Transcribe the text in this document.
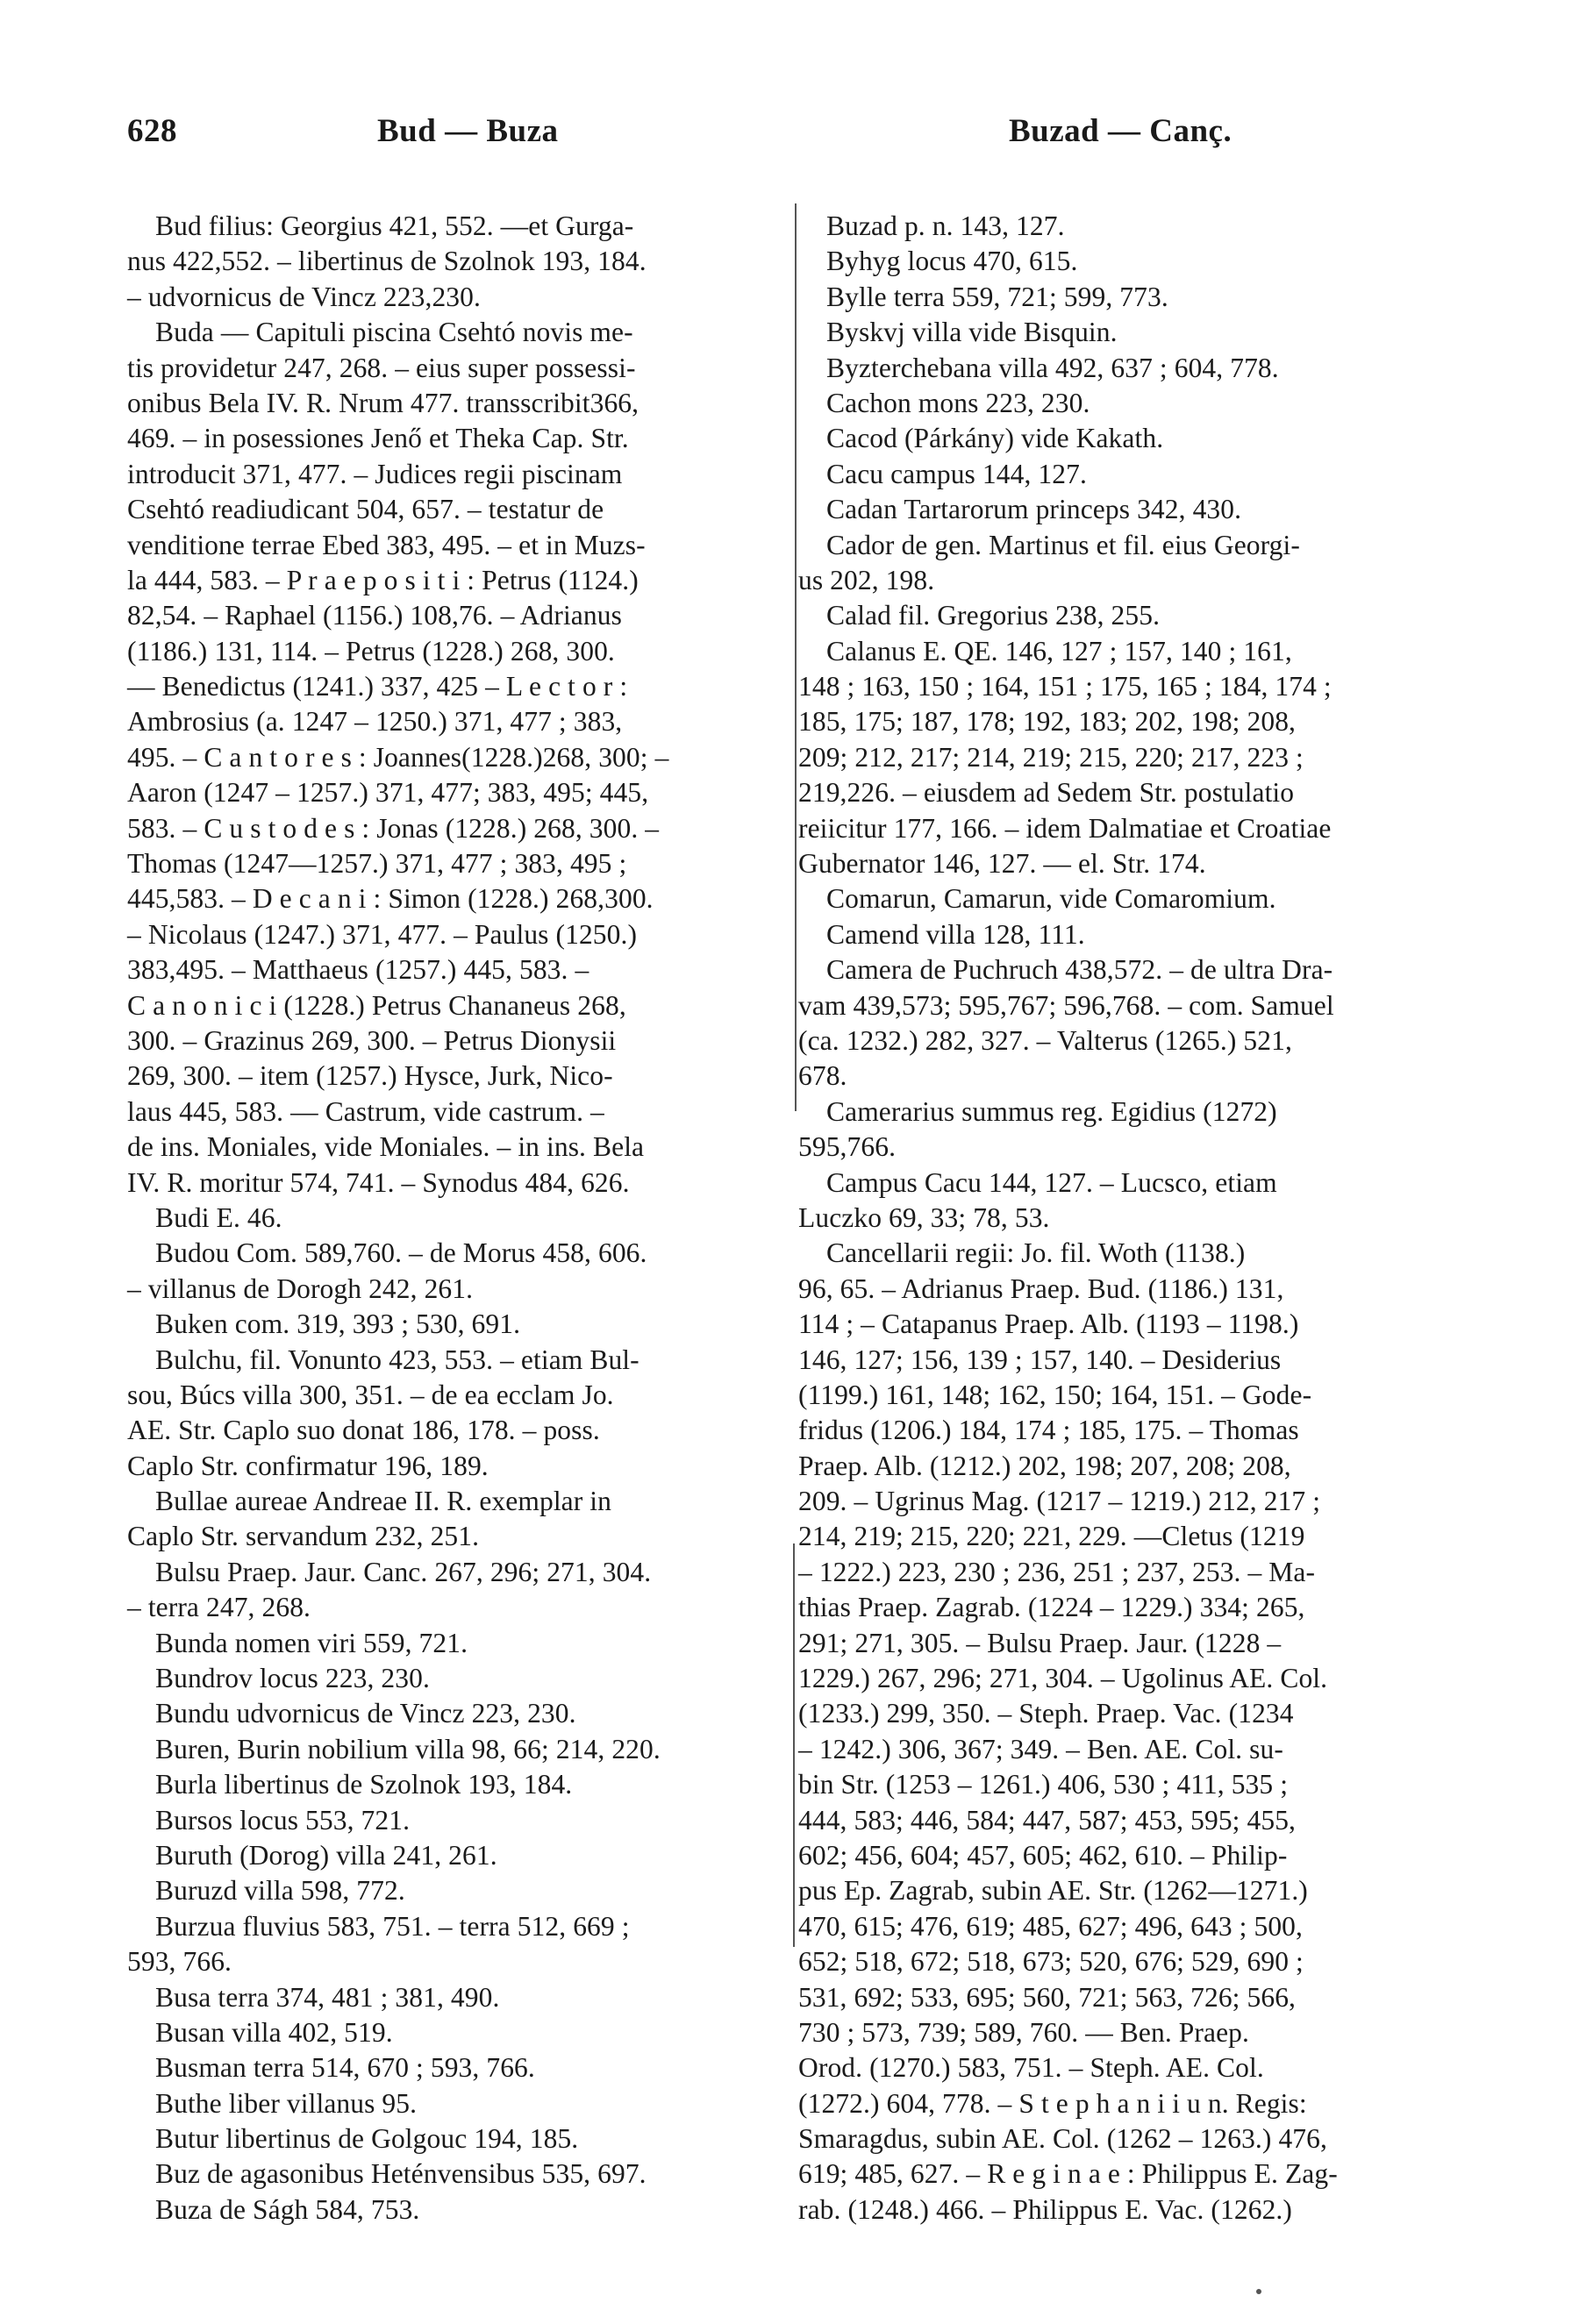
628	Bud — Buza	Buzad — Canç.
Bud filius: Georgius 421, 552. —et Gurga-
nus 422,552. – libertinus de Szolnok 193, 184.
– udvornicus de Vincz 223,230.
Buda — Capituli piscina Csehtó novis me-
tis providetur 247, 268. – eius super possessi-
onibus Bela IV. R. Nrum 477. transscribit366,
469. – in posessiones Jenő et Theka Cap. Str.
introducit 371, 477. – Judices regii piscinam
Csehtó readiudicant 504, 657. – testatur de
venditione terrae Ebed 383, 495. – et in Muzs-
la 444, 583. – P r a e p o s i t i : Petrus (1124.)
82,54. – Raphael (1156.) 108,76. – Adrianus
(1186.) 131, 114. – Petrus (1228.) 268, 300.
— Benedictus (1241.) 337, 425 – L e c t o r :
Ambrosius (a. 1247 – 1250.) 371, 477 ; 383,
495. – C a n t o r e s : Joannes(1228.)268, 300; –
Aaron (1247 – 1257.) 371, 477; 383, 495; 445,
583. – C u s t o d e s : Jonas (1228.) 268, 300. –
Thomas (1247—1257.) 371, 477 ; 383, 495 ;
445,583. – D e c a n i : Simon (1228.) 268,300.
– Nicolaus (1247.) 371, 477. – Paulus (1250.)
383,495. – Matthaeus (1257.) 445, 583. –
C a n o n i c i (1228.) Petrus Chananeus 268,
300. – Grazinus 269, 300. – Petrus Dionysii
269, 300. – item (1257.) Hysce, Jurk, Nico-
laus 445, 583. — Castrum, vide castrum. –
de ins. Moniales, vide Moniales. – in ins. Bela
IV. R. moritur 574, 741. – Synodus 484, 626.
Budi E. 46.
Budou Com. 589,760. – de Morus 458, 606.
– villanus de Dorogh 242, 261.
Buken com. 319, 393 ; 530, 691.
Bulchu, fil. Vonunto 423, 553. – etiam Bul-
sou, Búcs villa 300, 351. – de ea ecclam Jo.
AE. Str. Caplo suo donat 186, 178. – poss.
Caplo Str. confirmatur 196, 189.
Bullae aureae Andreae II. R. exemplar in
Caplo Str. servandum 232, 251.
Bulsu Praep. Jaur. Canc. 267, 296; 271, 304.
– terra 247, 268.
Bunda nomen viri 559, 721.
Bundrov locus 223, 230.
Bundu udvornicus de Vincz 223, 230.
Buren, Burin nobilium villa 98, 66; 214, 220.
Burla libertinus de Szolnok 193, 184.
Bursos locus 553, 721.
Buruth (Dorog) villa 241, 261.
Buruzd villa 598, 772.
Burzua fluvius 583, 751. – terra 512, 669 ;
593, 766.
Busa terra 374, 481 ; 381, 490.
Busan villa 402, 519.
Busman terra 514, 670 ; 593, 766.
Buthe liber villanus 95.
Butur libertinus de Golgouc 194, 185.
Buz de agasonibus Heténvensibus 535, 697.
Buza de Ságh 584, 753.
Buzad p. n. 143, 127.
Byhyg locus 470, 615.
Bylle terra 559, 721; 599, 773.
Byskvj villa vide Bisquin.
Byzterchebana villa 492, 637 ; 604, 778.
Cachon mons 223, 230.
Cacod (Párkány) vide Kakath.
Cacu campus 144, 127.
Cadan Tartarorum princeps 342, 430.
Cador de gen. Martinus et fil. eius Georgi-
us 202, 198.
Calad fil. Gregorius 238, 255.
Calanus E. QE. 146, 127 ; 157, 140 ; 161,
148 ; 163, 150 ; 164, 151 ; 175, 165 ; 184, 174 ;
185, 175; 187, 178; 192, 183; 202, 198; 208,
209; 212, 217; 214, 219; 215, 220; 217, 223 ;
219,226. – eiusdem ad Sedem Str. postulatio
reiicitur 177, 166. – idem Dalmatiae et Croatiae
Gubernator 146, 127. — el. Str. 174.
Comarun, Camarun, vide Comaromium.
Camend villa 128, 111.
Camera de Puchruch 438,572. – de ultra Dra-
vam 439,573; 595,767; 596,768. – com. Samuel
(ca. 1232.) 282, 327. – Valterus (1265.) 521,
678.
Camerarius summus reg. Egidius (1272)
595,766.
Campus Cacu 144, 127. – Lucsco, etiam
Luczko 69, 33; 78, 53.
Cancellarii regii: Jo. fil. Woth (1138.)
96, 65. – Adrianus Praep. Bud. (1186.) 131,
114 ; – Catapanus Praep. Alb. (1193 – 1198.)
146, 127; 156, 139 ; 157, 140. – Desiderius
(1199.) 161, 148; 162, 150; 164, 151. – Gode-
fridus (1206.) 184, 174 ; 185, 175. – Thomas
Praep. Alb. (1212.) 202, 198; 207, 208; 208,
209. – Ugrinus Mag. (1217 – 1219.) 212, 217 ;
214, 219; 215, 220; 221, 229. —Cletus (1219
– 1222.) 223, 230 ; 236, 251 ; 237, 253. – Ma-
thias Praep. Zagrab. (1224 – 1229.) 334; 265,
291; 271, 305. – Bulsu Praep. Jaur. (1228 –
1229.) 267, 296; 271, 304. – Ugolinus AE. Col.
(1233.) 299, 350. – Steph. Praep. Vac. (1234
– 1242.) 306, 367; 349. – Ben. AE. Col. su-
bin Str. (1253 – 1261.) 406, 530 ; 411, 535 ;
444, 583; 446, 584; 447, 587; 453, 595; 455,
602; 456, 604; 457, 605; 462, 610. – Philip-
pus Ep. Zagrab, subin AE. Str. (1262—1271.)
470, 615; 476, 619; 485, 627; 496, 643 ; 500,
652; 518, 672; 518, 673; 520, 676; 529, 690 ;
531, 692; 533, 695; 560, 721; 563, 726; 566,
730 ; 573, 739; 589, 760. — Ben. Praep.
Orod. (1270.) 583, 751. – Steph. AE. Col.
(1272.) 604, 778. – S t e p h a n i i u n. Regis:
Smaragdus, subin AE. Col. (1262 – 1263.) 476,
619; 485, 627. – R e g i n a e : Philippus E. Zag-
rab. (1248.) 466. – Philippus E. Vac. (1262.)
